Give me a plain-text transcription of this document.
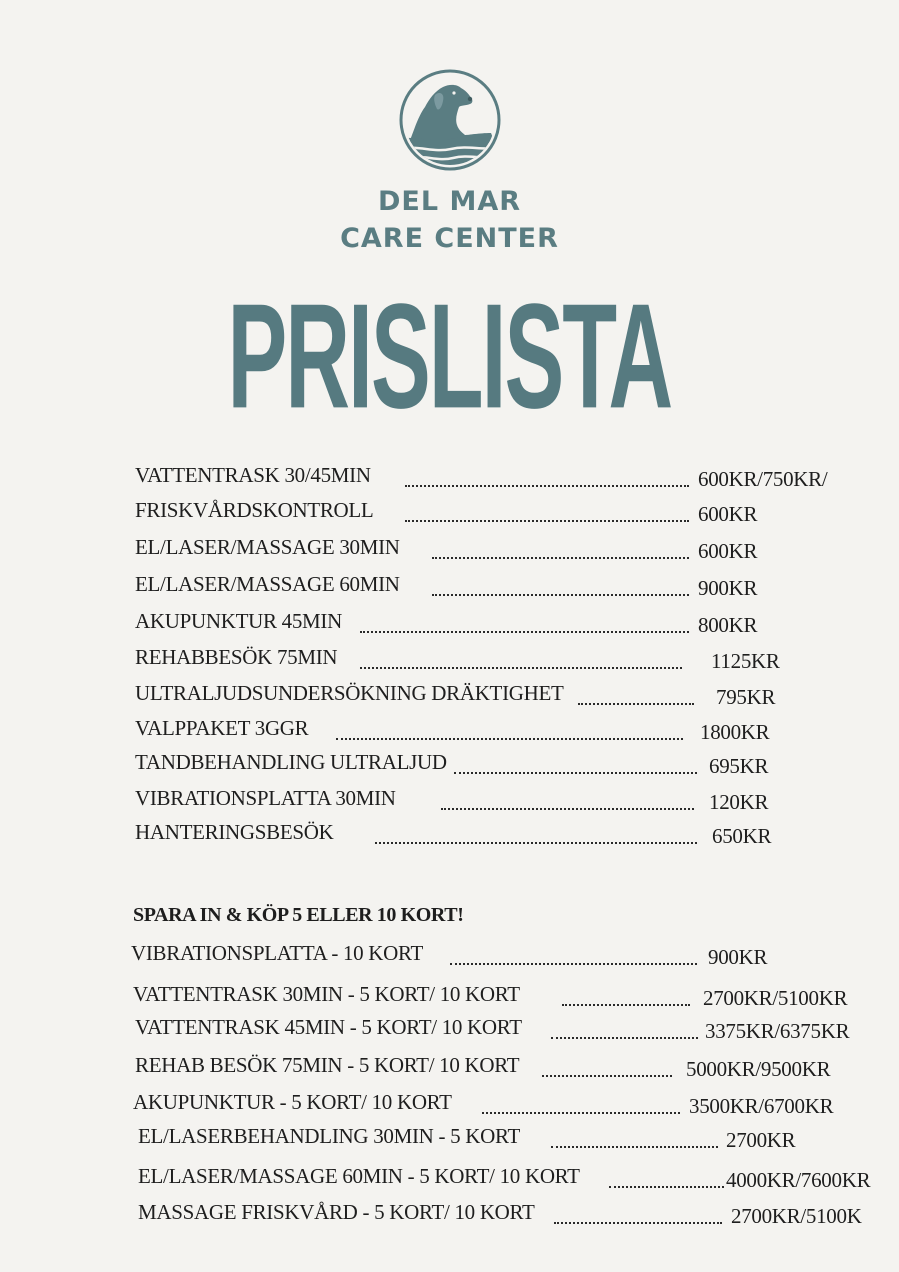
DEL MAR
CARE CENTER
PRISLISTA
VATTENTRASK 30/45MIN	600KR/750KR/
FRISKVÅRDSKONTROLL	600KR
EL/LASER/MASSAGE 30MIN	600KR
EL/LASER/MASSAGE 60MIN	900KR
AKUPUNKTUR 45MIN	800KR
REHABBESÖK 75MIN	1125KR
ULTRALJUDSUNDERSÖKNING DRÄKTIGHET	795KR
VALPPAKET 3GGR	1800KR
TANDBEHANDLING ULTRALJUD	695KR
VIBRATIONSPLATTA 30MIN	120KR
HANTERINGSBESÖK	650KR
SPARA IN & KÖP 5 ELLER 10 KORT!
VIBRATIONSPLATTA - 10 KORT	900KR
VATTENTRASK 30MIN - 5 KORT/ 10 KORT	2700KR/5100KR
VATTENTRASK 45MIN - 5 KORT/ 10 KORT	3375KR/6375KR
REHAB BESÖK 75MIN - 5 KORT/ 10 KORT	5000KR/9500KR
AKUPUNKTUR - 5 KORT/ 10 KORT	3500KR/6700KR
EL/LASERBEHANDLING 30MIN - 5 KORT	2700KR
EL/LASER/MASSAGE 60MIN - 5 KORT/ 10 KORT	4000KR/7600KR
MASSAGE FRISKVÅRD - 5 KORT/ 10 KORT	2700KR/5100K
